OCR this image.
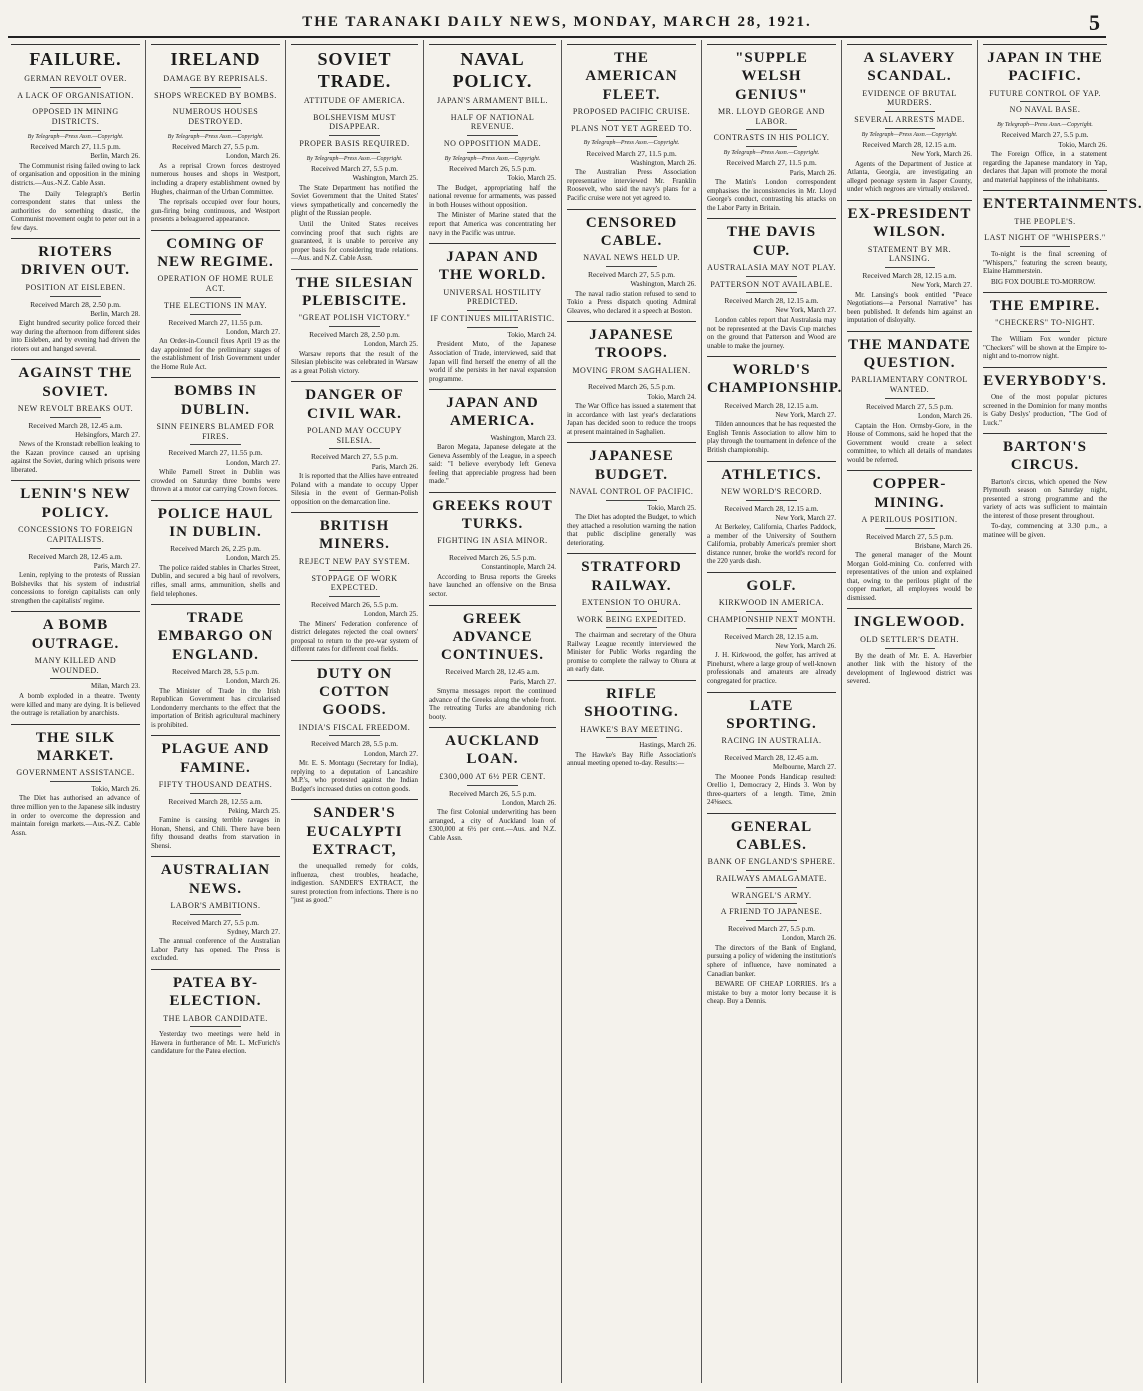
THE TARANAKI DAILY NEWS, MONDAY, MARCH 28, 1921.	5
FAILURE.
GERMAN REVOLT OVER.
A LACK OF ORGANISATION.
OPPOSED IN MINING DISTRICTS.
By Telegraph—Press Assn.—Copyright.
Received March 27, 11.5 p.m.
Berlin, March 26.

The Communist rising failed owing to lack of organisation and opposition in the mining districts.—Aus.-N.Z. Cable Assn.

The Daily Telegraph's Berlin correspondent states that unless the authorities do something drastic, the Communist movement ought to peter out in a few days.

RIOTERS DRIVEN OUT.
POSITION AT EISLEBEN.
Received March 28, 2.50 p.m.
Berlin, March 28.

Eight hundred security police forced their way during the afternoon from different sides into Eisleben, and by evening had driven the rioters out and hanged several.

AGAINST THE SOVIET.
NEW REVOLT BREAKS OUT.
Received March 28, 12.45 a.m.
Helsingfors, March 27.

News of the Kronstadt rebellion leaking to the Kazan province caused an uprising against the Soviet, during which prisons were liberated.

LENIN'S NEW POLICY.
CONCESSIONS TO FOREIGN CAPITALISTS.
Received March 28, 12.45 a.m.
Paris, March 27.

Lenin, replying to the protests of Russian Bolsheviks that his system of industrial concessions to foreign capitalists can only strengthen the capitalists' regime.

A BOMB OUTRAGE.
MANY KILLED AND WOUNDED.
Milan, March 23.

A bomb exploded in a theatre. Twenty were killed and many are dying. It is believed the outrage is retaliation by anarchists.

THE SILK MARKET.
GOVERNMENT ASSISTANCE.
Tokio, March 26.

The Diet has authorised an advance of three million yen to the Japanese silk industry in order to overcome the depression and maintain foreign markets.—Aus.-N.Z. Cable Assn.

IRELAND
DAMAGE BY REPRISALS.
SHOPS WRECKED BY BOMBS.
NUMEROUS HOUSES DESTROYED.
By Telegraph—Press Assn.—Copyright.
Received March 27, 5.5 p.m.
London, March 26.

As a reprisal Crown forces destroyed numerous houses and shops in Westport, including a drapery establishment owned by Hughes, chairman of the Urban Committee.

The reprisals occupied over four hours, gun-firing being continuous, and Westport presents a beleaguered appearance.

COMING OF NEW REGIME.
OPERATION OF HOME RULE ACT.
THE ELECTIONS IN MAY.
Received March 27, 11.55 p.m.
London, March 27.

An Order-in-Council fixes April 19 as the day appointed for the preliminary stages of the establishment of Irish Government under the Home Rule Act.

BOMBS IN DUBLIN.
SINN FEINERS BLAMED FOR FIRES.
Received March 27, 11.55 p.m.
London, March 27.

While Parnell Street in Dublin was crowded on Saturday three bombs were thrown at a motor car carrying Crown forces.

POLICE HAUL IN DUBLIN.
Received March 26, 2.25 p.m.
London, March 25.

The police raided stables in Charles Street, Dublin, and secured a big haul of revolvers, rifles, small arms, ammunition, shells and field telephones.

TRADE EMBARGO ON ENGLAND.
Received March 28, 5.5 p.m.
London, March 26.

The Minister of Trade in the Irish Republican Government has circularised Londonderry merchants to the effect that the importation of British agricultural machinery is prohibited.

PLAGUE AND FAMINE.
FIFTY THOUSAND DEATHS.
Received March 28, 12.55 a.m.
Peking, March 25.

Famine is causing terrible ravages in Honan, Shensi, and Chili. There have been fifty thousand deaths from starvation in Shensi.

AUSTRALIAN NEWS.
LABOR'S AMBITIONS.
Received March 27, 5.5 p.m.
Sydney, March 27.

The annual conference of the Australian Labor Party has opened. The Press is excluded.

PATEA BY-ELECTION.
THE LABOR CANDIDATE.

Yesterday two meetings were held in Hawera in furtherance of Mr. L. McFurich's candidature for the Patea election.

SOVIET TRADE.
ATTITUDE OF AMERICA.
BOLSHEVISM MUST DISAPPEAR.
PROPER BASIS REQUIRED.
By Telegraph—Press Assn.—Copyright.
Received March 27, 5.5 p.m.
Washington, March 25.

The State Department has notified the Soviet Government that the United States' views sympathetically and concernedly the plight of the Russian people.

Until the United States receives convincing proof that such rights are guaranteed, it is unable to perceive any proper basis for considering trade relations.—Aus. and N.Z. Cable Assn.

THE SILESIAN PLEBISCITE.
"GREAT POLISH VICTORY."
Received March 28, 2.50 p.m.
London, March 25.

Warsaw reports that the result of the Silesian plebiscite was celebrated in Warsaw as a great Polish victory.

DANGER OF CIVIL WAR.
POLAND MAY OCCUPY SILESIA.
Received March 27, 5.5 p.m.
Paris, March 26.

It is reported that the Allies have entreated Poland with a mandate to occupy Upper Silesia in the event of German-Polish opposition on the demarcation line.

BRITISH MINERS.
REJECT NEW PAY SYSTEM.
STOPPAGE OF WORK EXPECTED.
Received March 26, 5.5 p.m.
London, March 25.

The Miners' Federation conference of district delegates rejected the coal owners' proposal to return to the pre-war system of different rates for different coal fields.

DUTY ON COTTON GOODS.
INDIA'S FISCAL FREEDOM.
Received March 28, 5.5 p.m.
London, March 27.

Mr. E. S. Montagu (Secretary for India), replying to a deputation of Lancashire M.P.'s, who protested against the Indian Budget's increased duties on cotton goods.

SANDER'S EUCALYPTI EXTRACT,

the unequalled remedy for colds, influenza, chest troubles, headache, indigestion. SANDER'S EXTRACT, the surest protection from infections. There is no "just as good."

NAVAL POLICY.
JAPAN'S ARMAMENT BILL.
HALF OF NATIONAL REVENUE.
NO OPPOSITION MADE.
By Telegraph—Press Assn.—Copyright.
Received March 26, 5.5 p.m.
Tokio, March 25.

The Budget, appropriating half the national revenue for armaments, was passed in both Houses without opposition.

The Minister of Marine stated that the report that America was concentrating her navy in the Pacific was untrue.

JAPAN AND THE WORLD.
UNIVERSAL HOSTILITY PREDICTED.
IF CONTINUES MILITARISTIC.
Tokio, March 24.

President Muto, of the Japanese Association of Trade, interviewed, said that Japan will find herself the enemy of all the world if she persists in her naval expansion programme.

JAPAN AND AMERICA.
Washington, March 23.

Baron Megata, Japanese delegate at the Geneva Assembly of the League, in a speech said: "I believe everybody left Geneva feeling that appreciable progress had been made."

GREEKS ROUT TURKS.
FIGHTING IN ASIA MINOR.
Received March 26, 5.5 p.m.
Constantinople, March 24.

According to Brusa reports the Greeks have launched an offensive on the Brusa sector.

GREEK ADVANCE CONTINUES.
Received March 28, 12.45 a.m.
Paris, March 27.

Smyrna messages report the continued advance of the Greeks along the whole front. The retreating Turks are abandoning rich booty.

AUCKLAND LOAN.
£300,000 AT 6½ PER CENT.
Received March 26, 5.5 p.m.
London, March 26.

The first Colonial underwriting has been arranged, a city of Auckland loan of £300,000 at 6½ per cent.—Aus. and N.Z. Cable Assn.

THE AMERICAN FLEET.
PROPOSED PACIFIC CRUISE.
PLANS NOT YET AGREED TO.
By Telegraph—Press Assn.—Copyright.
Received March 27, 11.5 p.m.
Washington, March 26.

The Australian Press Association representative interviewed Mr. Franklin Roosevelt, who said the navy's plans for a Pacific cruise were not yet agreed to.

CENSORED CABLE.
NAVAL NEWS HELD UP.
Received March 27, 5.5 p.m.
Washington, March 26.

The naval radio station refused to send to Tokio a Press dispatch quoting Admiral Gleaves, who declared it a speech at Boston.

JAPANESE TROOPS.
MOVING FROM SAGHALIEN.
Received March 26, 5.5 p.m.
Tokio, March 24.

The War Office has issued a statement that in accordance with last year's declarations Japan has decided soon to reduce the troops at present maintained in Saghalien.

JAPANESE BUDGET.
NAVAL CONTROL OF PACIFIC.
Tokio, March 25.

The Diet has adopted the Budget, to which they attached a resolution warning the nation that public discipline generally was deteriorating.

STRATFORD RAILWAY.
EXTENSION TO OHURA.
WORK BEING EXPEDITED.

The chairman and secretary of the Ohura Railway League recently interviewed the Minister for Public Works regarding the promise to complete the railway to Ohura at an early date.

RIFLE SHOOTING.
HAWKE'S BAY MEETING.
Hastings, March 26.

The Hawke's Bay Rifle Association's annual meeting opened to-day. Results:—

"SUPPLE WELSH GENIUS"
MR. LLOYD GEORGE AND LABOR.
CONTRASTS IN HIS POLICY.
By Telegraph—Press Assn.—Copyright.
Received March 27, 11.5 p.m.
Paris, March 26.

The Matin's London correspondent emphasises the inconsistencies in Mr. Lloyd George's conduct, contrasting his attacks on the Labor Party in Britain.

THE DAVIS CUP.
AUSTRALASIA MAY NOT PLAY.
PATTERSON NOT AVAILABLE.
Received March 28, 12.15 a.m.
New York, March 27.

London cables report that Australasia may not be represented at the Davis Cup matches on the ground that Patterson and Wood are unable to make the journey.

WORLD'S CHAMPIONSHIP.
Received March 28, 12.15 a.m.
New York, March 27.

Tilden announces that he has requested the English Tennis Association to allow him to play through the tournament in defence of the British championship.

ATHLETICS.
NEW WORLD'S RECORD.
Received March 28, 12.15 a.m.
New York, March 27.

At Berkeley, California, Charles Paddock, a member of the University of Southern California, probably America's premier short distance runner, broke the world's record for the 220 yards dash.

GOLF.
KIRKWOOD IN AMERICA.
CHAMPIONSHIP NEXT MONTH.
Received March 28, 12.15 a.m.
New York, March 26.

J. H. Kirkwood, the golfer, has arrived at Pinehurst, where a large group of well-known professionals and amateurs are already congregated for practice.

LATE SPORTING.
RACING IN AUSTRALIA.
Received March 28, 12.45 a.m.
Melbourne, March 27.

The Moonee Ponds Handicap resulted: Orellio 1, Democracy 2, Hinds 3. Won by three-quarters of a length. Time, 2min 24⅜secs.

GENERAL CABLES.
BANK OF ENGLAND'S SPHERE.
RAILWAYS AMALGAMATE.
WRANGEL'S ARMY.
A FRIEND TO JAPANESE.
Received March 27, 5.5 p.m.
London, March 26.

The directors of the Bank of England, pursuing a policy of widening the institution's sphere of influence, have nominated a Canadian banker.

BEWARE OF CHEAP LORRIES. It's a mistake to buy a motor lorry because it is cheap. Buy a Dennis.

A SLAVERY SCANDAL.
EVIDENCE OF BRUTAL MURDERS.
SEVERAL ARRESTS MADE.
By Telegraph—Press Assn.—Copyright.
Received March 28, 12.15 a.m.
New York, March 26.

Agents of the Department of Justice at Atlanta, Georgia, are investigating an alleged peonage system in Jasper County, under which negroes are virtually enslaved.

EX-PRESIDENT WILSON.
STATEMENT BY MR. LANSING.
Received March 28, 12.15 a.m.
New York, March 27.

Mr. Lansing's book entitled "Peace Negotiations—a Personal Narrative" has been published. It defends him against an imputation of disloyalty.

THE MANDATE QUESTION.
PARLIAMENTARY CONTROL WANTED.
Received March 27, 5.5 p.m.
London, March 26.

Captain the Hon. Ormsby-Gore, in the House of Commons, said he hoped that the Government would create a select committee, to which all details of mandates would be referred.

COPPER-MINING.
A PERILOUS POSITION.
Received March 27, 5.5 p.m.
Brisbane, March 26.

The general manager of the Mount Morgan Gold-mining Co. conferred with representatives of the union and explained that, owing to the perilous plight of the copper market, all employees would be dismissed.

INGLEWOOD.
OLD SETTLER'S DEATH.

By the death of Mr. E. A. Haverbier another link with the history of the development of Inglewood district was severed.

JAPAN IN THE PACIFIC.
FUTURE CONTROL OF YAP.
NO NAVAL BASE.
By Telegraph—Press Assn.—Copyright.
Received March 27, 5.5 p.m.
Tokio, March 26.

The Foreign Office, in a statement regarding the Japanese mandatory in Yap, declares that Japan will promote the moral and material happiness of the inhabitants.

ENTERTAINMENTS.
THE PEOPLE'S.
LAST NIGHT OF "WHISPERS."

To-night is the final screening of "Whispers," featuring the screen beauty, Elaine Hammerstein.

BIG FOX DOUBLE TO-MORROW.

THE EMPIRE.
"CHECKERS" TO-NIGHT.

The William Fox wonder picture "Checkers" will be shown at the Empire to-night and to-morrow night.

EVERYBODY'S.

One of the most popular pictures screened in the Dominion for many months is Gaby Deslys' production, "The God of Luck."

BARTON'S CIRCUS.

Barton's circus, which opened the New Plymouth season on Saturday night, presented a strong programme and the variety of acts was sufficient to maintain the interest of those present throughout.

To-day, commencing at 3.30 p.m., a matinee will be given.
